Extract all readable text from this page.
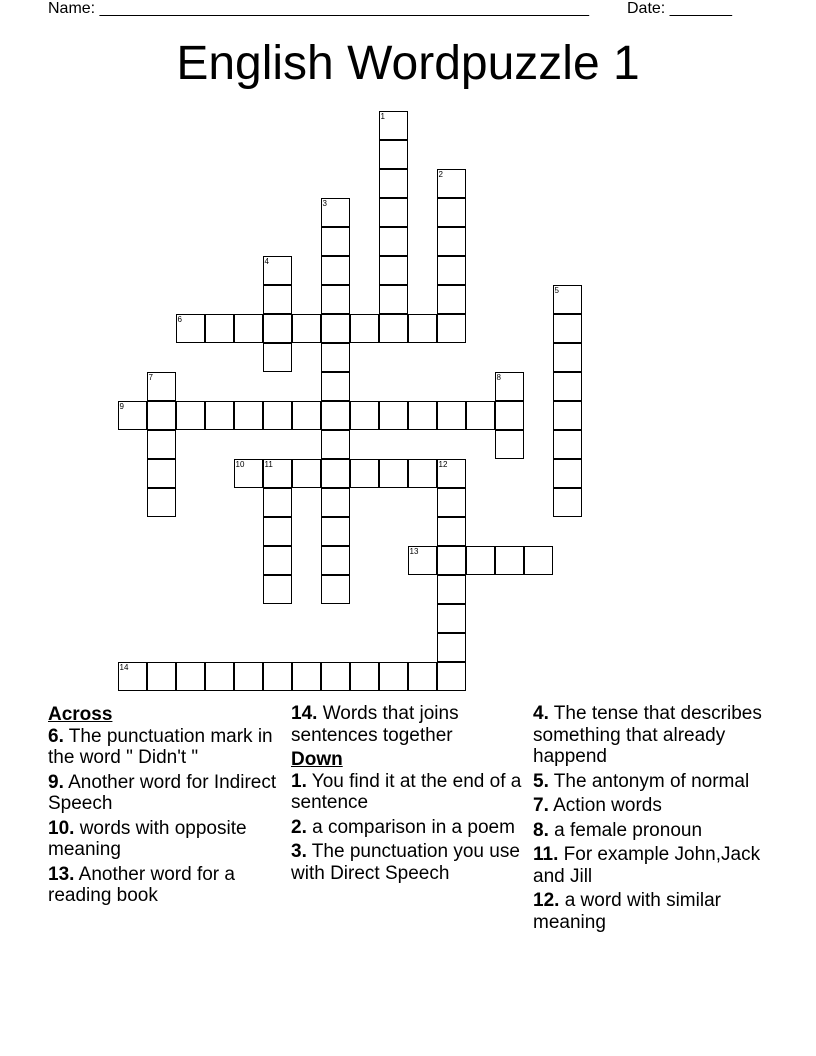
Name: _______________________________________________________ Date: _______
English Wordpuzzle 1
1
2
3
4
5
6
7	8
9
10	11	12
13
14
Across
6. The punctuation mark in the word " Didn't "
9. Another word for Indirect Speech
10. words with opposite meaning
13. Another word for a reading book
14. Words that joins sentences together
Down
1. You find it at the end of a sentence
2. a comparison in a poem
3. The punctuation you use with Direct Speech
4. The tense that describes something that already happend
5. The antonym of normal
7. Action words
8. a female pronoun
11. For example John,Jack and Jill
12. a word with similar meaning
